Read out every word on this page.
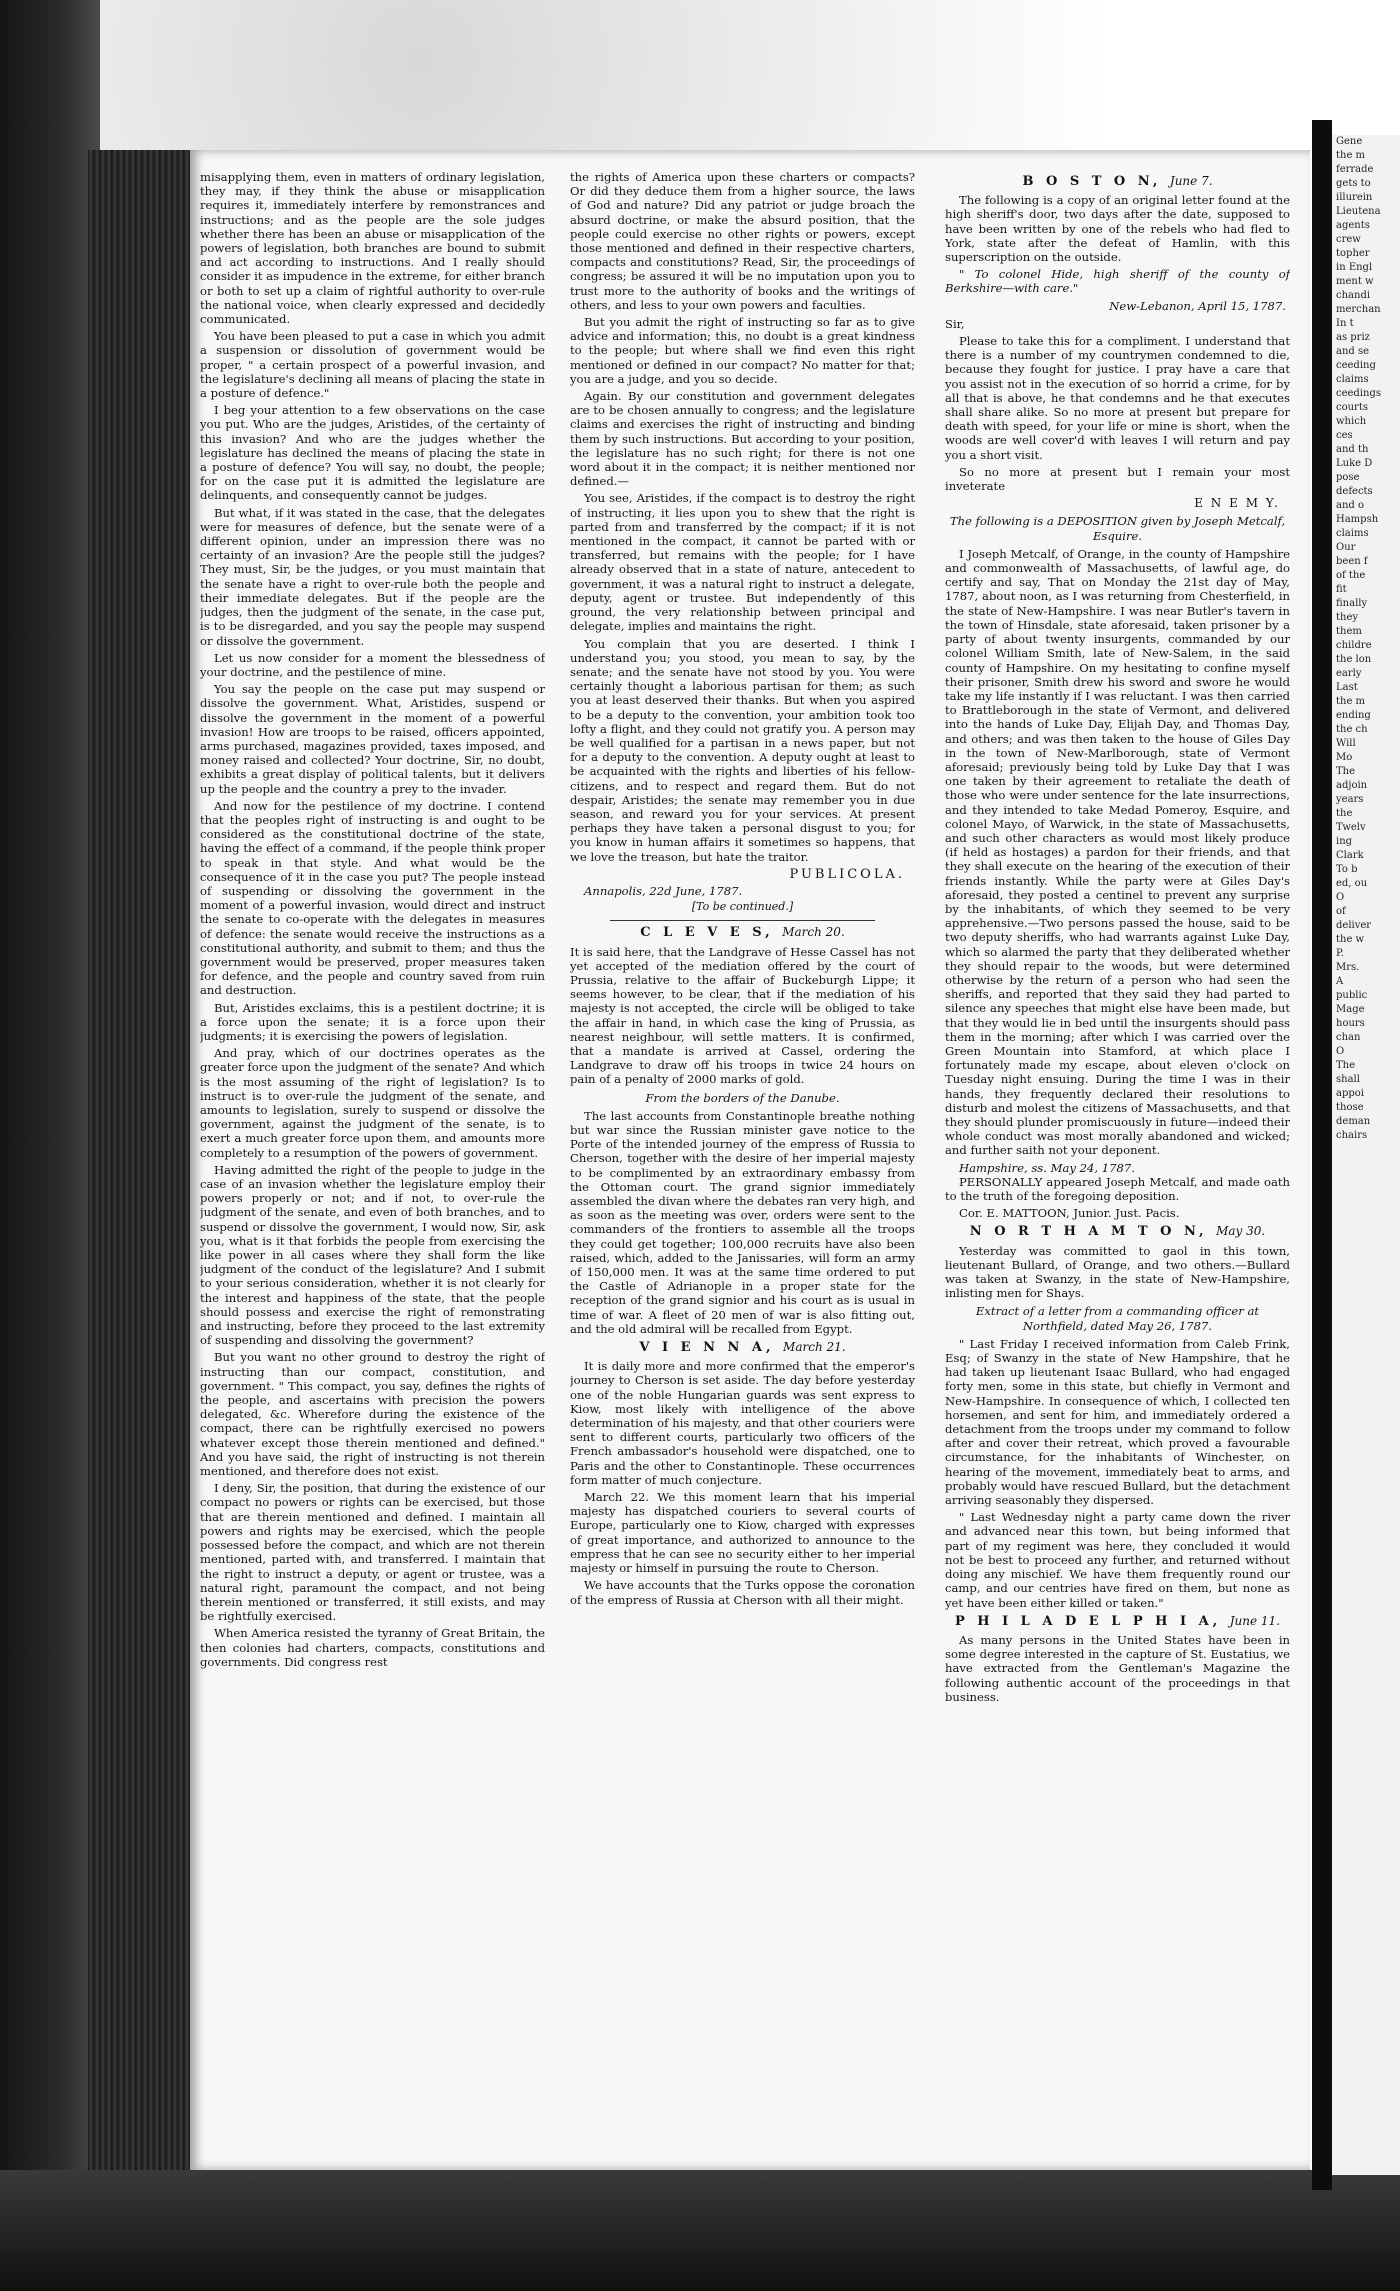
misapplying them, even in matters of ordinary legislation, they may, if they think the abuse or misapplication requires it, immediately interfere by remonstrances and instructions; and as the people are the sole judges whether there has been an abuse or misapplication of the powers of legislation, both branches are bound to submit and act according to instructions. And I really should consider it as impudence in the extreme, for either branch or both to set up a claim of rightful authority to over-rule the national voice, when clearly expressed and decidedly communicated.

You have been pleased to put a case in which you admit a suspension or dissolution of government would be proper, " a certain prospect of a powerful invasion, and the legislature's declining all means of placing the state in a posture of defence."

I beg your attention to a few observations on the case you put. Who are the judges, Aristides, of the certainty of this invasion? And who are the judges whether the legislature has declined the means of placing the state in a posture of defence? You will say, no doubt, the people; for on the case put it is admitted the legislature are delinquents, and consequently cannot be judges.

But what, if it was stated in the case, that the delegates were for measures of defence, but the senate were of a different opinion, under an impression there was no certainty of an invasion? Are the people still the judges? They must, Sir, be the judges, or you must maintain that the senate have a right to over-rule both the people and their immediate delegates. But if the people are the judges, then the judgment of the senate, in the case put, is to be disregarded, and you say the people may suspend or dissolve the government.

Let us now consider for a moment the blessedness of your doctrine, and the pestilence of mine.

You say the people on the case put may suspend or dissolve the government. What, Aristides, suspend or dissolve the government in the moment of a powerful invasion! How are troops to be raised, officers appointed, arms purchased, magazines provided, taxes imposed, and money raised and collected? Your doctrine, Sir, no doubt, exhibits a great display of political talents, but it delivers up the people and the country a prey to the invader.

And now for the pestilence of my doctrine. I contend that the peoples right of instructing is and ought to be considered as the constitutional doctrine of the state, having the effect of a command, if the people think proper to speak in that style. And what would be the consequence of it in the case you put? The people instead of suspending or dissolving the government in the moment of a powerful invasion, would direct and instruct the senate to co-operate with the delegates in measures of defence: the senate would receive the instructions as a constitutional authority, and submit to them; and thus the government would be preserved, proper measures taken for defence, and the people and country saved from ruin and destruction.

But, Aristides exclaims, this is a pestilent doctrine; it is a force upon the senate; it is a force upon their judgments; it is exercising the powers of legislation.

And pray, which of our doctrines operates as the greater force upon the judgment of the senate? And which is the most assuming of the right of legislation? Is to instruct is to over-rule the judgment of the senate, and amounts to legislation, surely to suspend or dissolve the government, against the judgment of the senate, is to exert a much greater force upon them, and amounts more completely to a resumption of the powers of government.

Having admitted the right of the people to judge in the case of an invasion whether the legislature employ their powers properly or not; and if not, to over-rule the judgment of the senate, and even of both branches, and to suspend or dissolve the government, I would now, Sir, ask you, what is it that forbids the people from exercising the like power in all cases where they shall form the like judgment of the conduct of the legislature? And I submit to your serious consideration, whether it is not clearly for the interest and happiness of the state, that the people should possess and exercise the right of remonstrating and instructing, before they proceed to the last extremity of suspending and dissolving the government?

But you want no other ground to destroy the right of instructing than our compact, constitution, and government. " This compact, you say, defines the rights of the people, and ascertains with precision the powers delegated, &c. Wherefore during the existence of the compact, there can be rightfully exercised no powers whatever except those therein mentioned and defined." And you have said, the right of instructing is not therein mentioned, and therefore does not exist.

I deny, Sir, the position, that during the existence of our compact no powers or rights can be exercised, but those that are therein mentioned and defined. I maintain all powers and rights may be exercised, which the people possessed before the compact, and which are not therein mentioned, parted with, and transferred. I maintain that the right to instruct a deputy, or agent or trustee, was a natural right, paramount the compact, and not being therein mentioned or transferred, it still exists, and may be rightfully exercised.

When America resisted the tyranny of Great Britain, the then colonies had charters, compacts, constitutions and governments. Did congress rest

the rights of America upon these charters or compacts? Or did they deduce them from a higher source, the laws of God and nature? Did any patriot or judge broach the absurd doctrine, or make the absurd position, that the people could exercise no other rights or powers, except those mentioned and defined in their respective charters, compacts and constitutions? Read, Sir, the proceedings of congress; be assured it will be no imputation upon you to trust more to the authority of books and the writings of others, and less to your own powers and faculties.

But you admit the right of instructing so far as to give advice and information; this, no doubt is a great kindness to the people; but where shall we find even this right mentioned or defined in our compact? No matter for that; you are a judge, and you so decide.

Again. By our constitution and government delegates are to be chosen annually to congress; and the legislature claims and exercises the right of instructing and binding them by such instructions. But according to your position, the legislature has no such right; for there is not one word about it in the compact; it is neither mentioned nor defined.—

You see, Aristides, if the compact is to destroy the right of instructing, it lies upon you to shew that the right is parted from and transferred by the compact; if it is not mentioned in the compact, it cannot be parted with or transferred, but remains with the people; for I have already observed that in a state of nature, antecedent to government, it was a natural right to instruct a delegate, deputy, agent or trustee. But independently of this ground, the very relationship between principal and delegate, implies and maintains the right.

You complain that you are deserted. I think I understand you; you stood, you mean to say, by the senate; and the senate have not stood by you. You were certainly thought a laborious partisan for them; as such you at least deserved their thanks. But when you aspired to be a deputy to the convention, your ambition took too lofty a flight, and they could not gratify you. A person may be well qualified for a partisan in a news paper, but not for a deputy to the convention. A deputy ought at least to be acquainted with the rights and liberties of his fellow-citizens, and to respect and regard them. But do not despair, Aristides; the senate may remember you in due season, and reward you for your services. At present perhaps they have taken a personal disgust to you; for you know in human affairs it sometimes so happens, that we love the treason, but hate the traitor.

PUBLICOLA.
Annapolis, 22d June, 1787.
[To be continued.]
C L E V E S, March 20.

It is said here, that the Landgrave of Hesse Cassel has not yet accepted of the mediation offered by the court of Prussia, relative to the affair of Buckeburgh Lippe; it seems however, to be clear, that if the mediation of his majesty is not accepted, the circle will be obliged to take the affair in hand, in which case the king of Prussia, as nearest neighbour, will settle matters. It is confirmed, that a mandate is arrived at Cassel, ordering the Landgrave to draw off his troops in twice 24 hours on pain of a penalty of 2000 marks of gold.

From the borders of the Danube.

The last accounts from Constantinople breathe nothing but war since the Russian minister gave notice to the Porte of the intended journey of the empress of Russia to Cherson, together with the desire of her imperial majesty to be complimented by an extraordinary embassy from the Ottoman court. The grand signior immediately assembled the divan where the debates ran very high, and as soon as the meeting was over, orders were sent to the commanders of the frontiers to assemble all the troops they could get together; 100,000 recruits have also been raised, which, added to the Janissaries, will form an army of 150,000 men. It was at the same time ordered to put the Castle of Adrianople in a proper state for the reception of the grand signior and his court as is usual in time of war. A fleet of 20 men of war is also fitting out, and the old admiral will be recalled from Egypt.

V I E N N A, March 21.

It is daily more and more confirmed that the emperor's journey to Cherson is set aside. The day before yesterday one of the noble Hungarian guards was sent express to Kiow, most likely with intelligence of the above determination of his majesty, and that other couriers were sent to different courts, particularly two officers of the French ambassador's household were dispatched, one to Paris and the other to Constantinople. These occurrences form matter of much conjecture.

March 22. We this moment learn that his imperial majesty has dispatched couriers to several courts of Europe, particularly one to Kiow, charged with expresses of great importance, and authorized to announce to the empress that he can see no security either to her imperial majesty or himself in pursuing the route to Cherson.

We have accounts that the Turks oppose the coronation of the empress of Russia at Cherson with all their might.

B O S T O N, June 7.

The following is a copy of an original letter found at the high sheriff's door, two days after the date, supposed to have been written by one of the rebels who had fled to York, state after the defeat of Hamlin, with this superscription on the outside.

" To colonel Hide, high sheriff of the county of Berkshire—with care."

New-Lebanon, April 15, 1787.

Sir,

Please to take this for a compliment. I understand that there is a number of my countrymen condemned to die, because they fought for justice. I pray have a care that you assist not in the execution of so horrid a crime, for by all that is above, he that condemns and he that executes shall share alike. So no more at present but prepare for death with speed, for your life or mine is short, when the woods are well cover'd with leaves I will return and pay you a short visit.

So no more at present but I remain your most inveterate

E N E M Y.
The following is a DEPOSITION given by Joseph Metcalf, Esquire.

I Joseph Metcalf, of Orange, in the county of Hampshire and commonwealth of Massachusetts, of lawful age, do certify and say, That on Monday the 21st day of May, 1787, about noon, as I was returning from Chesterfield, in the state of New-Hampshire. I was near Butler's tavern in the town of Hinsdale, state aforesaid, taken prisoner by a party of about twenty insurgents, commanded by our colonel William Smith, late of New-Salem, in the said county of Hampshire. On my hesitating to confine myself their prisoner, Smith drew his sword and swore he would take my life instantly if I was reluctant. I was then carried to Brattleborough in the state of Vermont, and delivered into the hands of Luke Day, Elijah Day, and Thomas Day, and others; and was then taken to the house of Giles Day in the town of New-Marlborough, state of Vermont aforesaid; previously being told by Luke Day that I was one taken by their agreement to retaliate the death of those who were under sentence for the late insurrections, and they intended to take Medad Pomeroy, Esquire, and colonel Mayo, of Warwick, in the state of Massachusetts, and such other characters as would most likely produce (if held as hostages) a pardon for their friends, and that they shall execute on the hearing of the execution of their friends instantly. While the party were at Giles Day's aforesaid, they posted a centinel to prevent any surprise by the inhabitants, of which they seemed to be very apprehensive.—Two persons passed the house, said to be two deputy sheriffs, who had warrants against Luke Day, which so alarmed the party that they deliberated whether they should repair to the woods, but were determined otherwise by the return of a person who had seen the sheriffs, and reported that they said they had parted to silence any speeches that might else have been made, but that they would lie in bed until the insurgents should pass them in the morning; after which I was carried over the Green Mountain into Stamford, at which place I fortunately made my escape, about eleven o'clock on Tuesday night ensuing. During the time I was in their hands, they frequently declared their resolutions to disturb and molest the citizens of Massachusetts, and that they should plunder promiscuously in future—indeed their whole conduct was most morally abandoned and wicked; and further saith not your deponent.

Hampshire, ss. May 24, 1787.

PERSONALLY appeared Joseph Metcalf, and made oath to the truth of the foregoing deposition.

Cor. E. MATTOON, Junior. Just. Pacis.

N O R T H A M T O N, May 30.

Yesterday was committed to gaol in this town, lieutenant Bullard, of Orange, and two others.—Bullard was taken at Swanzy, in the state of New-Hampshire, inlisting men for Shays.

Extract of a letter from a commanding officer at Northfield, dated May 26, 1787.

" Last Friday I received information from Caleb Frink, Esq; of Swanzy in the state of New Hampshire, that he had taken up lieutenant Isaac Bullard, who had engaged forty men, some in this state, but chiefly in Vermont and New-Hampshire. In consequence of which, I collected ten horsemen, and sent for him, and immediately ordered a detachment from the troops under my command to follow after and cover their retreat, which proved a favourable circumstance, for the inhabitants of Winchester, on hearing of the movement, immediately beat to arms, and probably would have rescued Bullard, but the detachment arriving seasonably they dispersed.

" Last Wednesday night a party came down the river and advanced near this town, but being informed that part of my regiment was here, they concluded it would not be best to proceed any further, and returned without doing any mischief. We have them frequently round our camp, and our centries have fired on them, but none as yet have been either killed or taken."

P H I L A D E L P H I A, June 11.

As many persons in the United States have been in some degree interested in the capture of St. Eustatius, we have extracted from the Gentleman's Magazine the following authentic account of the proceedings in that business.

Gene
the m
ferrade
gets to
illurein
Lieutena
agents
crew
topher
in Engl
ment w
chandi
merchan
In t
as priz
and se
ceeding
claims
ceedings
courts
which
ces
and th
Luke D
pose
defects
and o
Hampsh
claims
Our
been f
of the
fit
finally
they
them
childre
the lon
early
Last
the m
ending
the ch
Will
Mo
The
adjoin
years
the
Twelv
ing
Clark
To b
ed, ou
O
of
deliver
the w
P.
Mrs.
A
public
Mage
hours
chan
O
The
shall
appoi
those
deman
chairs
